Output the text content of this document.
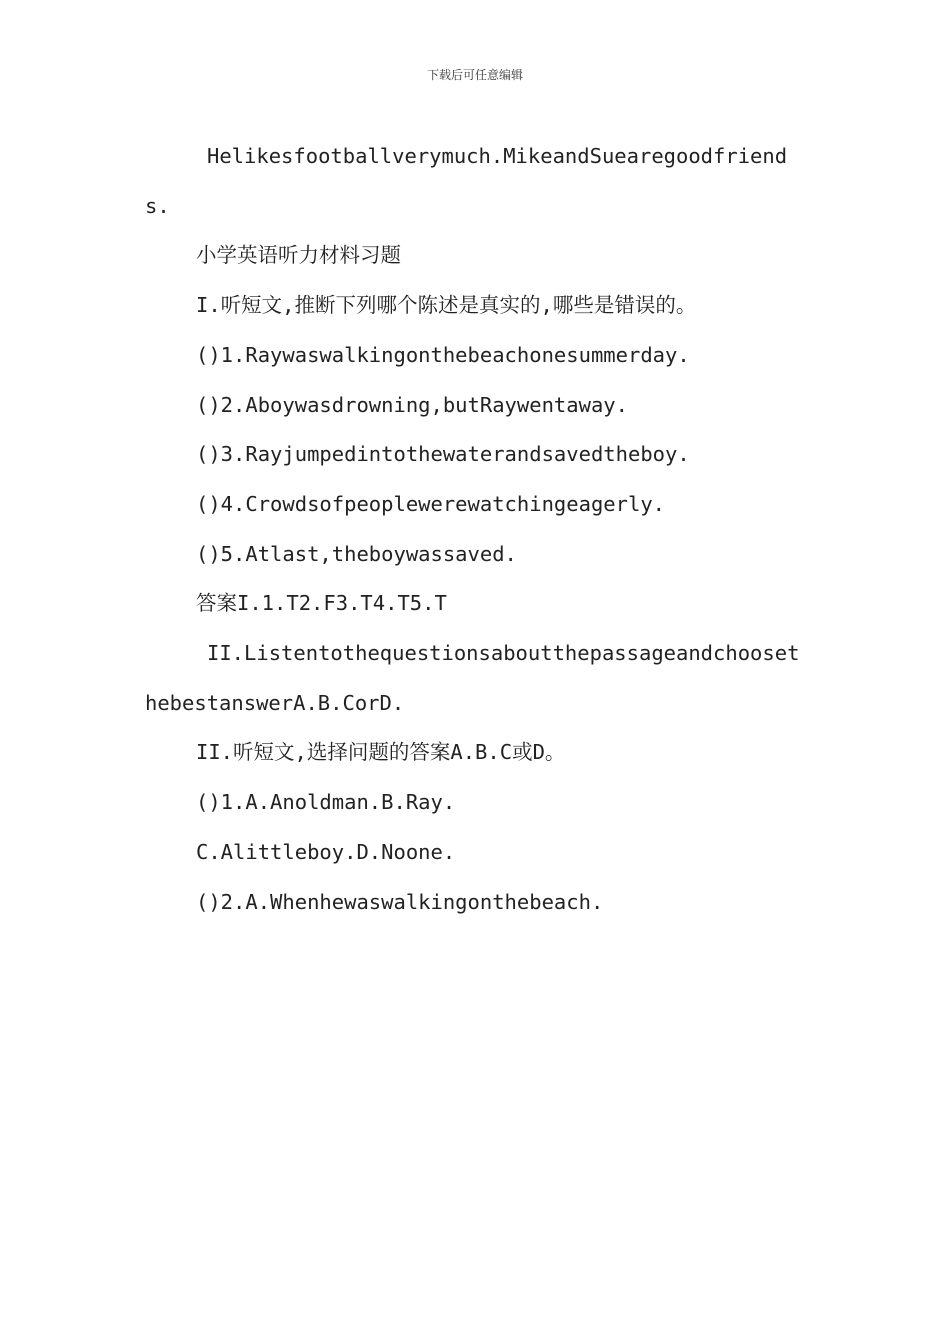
下载后可任意编辑

Helikesfootballverymuch.MikeandSuearegoodfriends.

小学英语听力材料习题

I.听短文,推断下列哪个陈述是真实的,哪些是错误的。

()1.Raywaswalkingonthebeachonesummerday.

()2.Aboywasdrowning,butRaywentaway.

()3.Rayjumpedintothewaterandsavedtheboy.

()4.Crowdsofpeoplewerewatchingeagerly.

()5.Atlast,theboywassaved.

答案I.1.T2.F3.T4.T5.T

II.ListentothequestionsaboutthepassageandchoosethebestanswerA.B.CorD.

II.听短文,选择问题的答案A.B.C或D。

()1.A.Anoldman.B.Ray.

C.Alittleboy.D.Noone.

()2.A.Whenhewaswalkingonthebeach.
